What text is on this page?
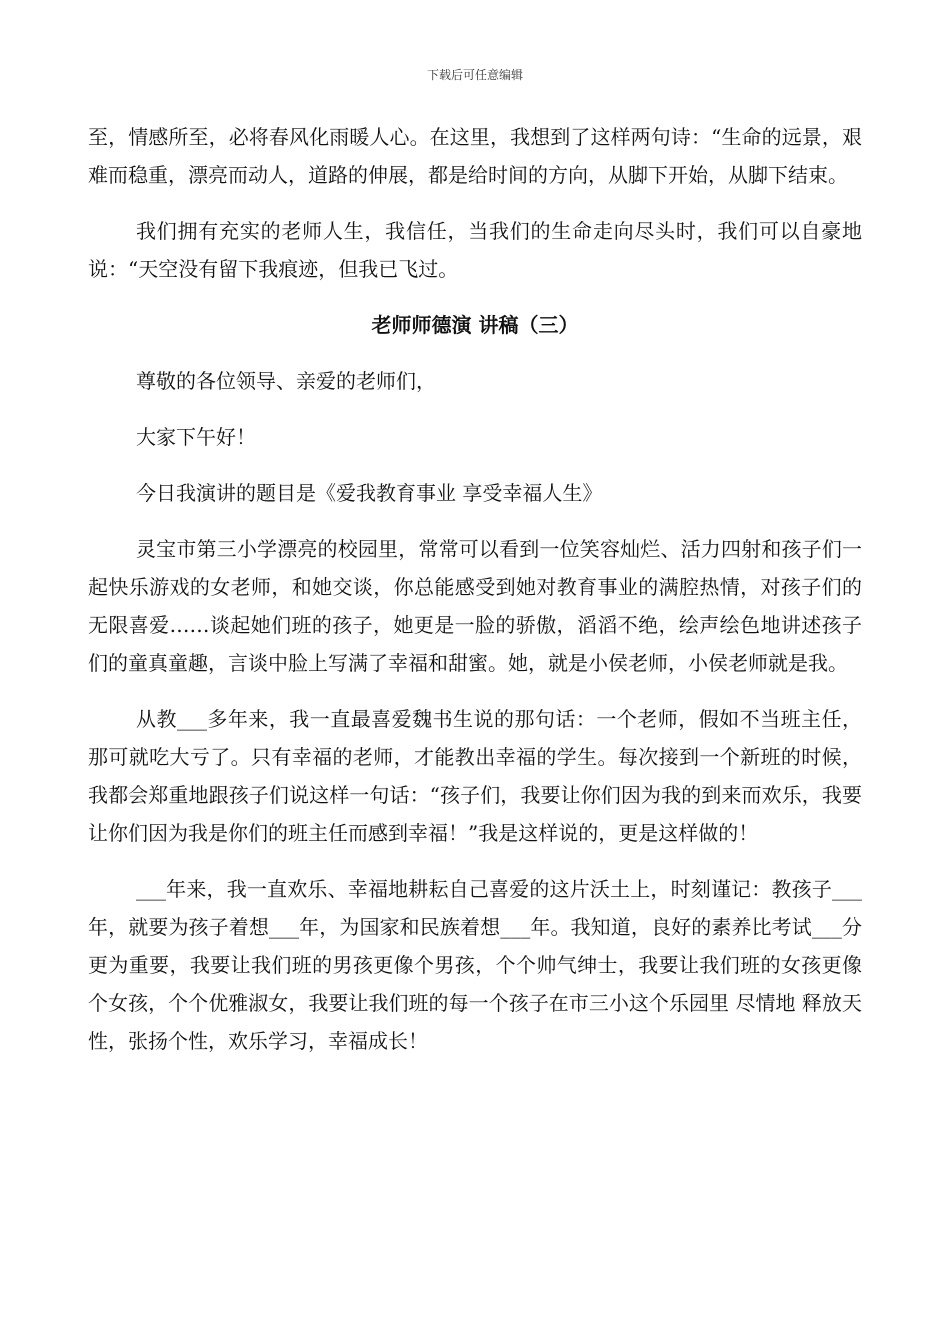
下载后可任意编辑

至，情感所至，必将春风化雨暖人心。在这里，我想到了这样两句诗：“生命的远景，艰难而稳重，漂亮而动人，道路的伸展，都是给时间的方向，从脚下开始，从脚下结束。

我们拥有充实的老师人生，我信任，当我们的生命走向尽头时，我们可以自豪地说：“天空没有留下我痕迹，但我已飞过。

老师师德演 讲稿（三）

尊敬的各位领导、亲爱的老师们，

大家下午好！

今日我演讲的题目是《爱我教育事业 享受幸福人生》

灵宝市第三小学漂亮的校园里，常常可以看到一位笑容灿烂、活力四射和孩子们一起快乐游戏的女老师，和她交谈，你总能感受到她对教育事业的满腔热情，对孩子们的无限喜爱……谈起她们班的孩子，她更是一脸的骄傲，滔滔不绝，绘声绘色地讲述孩子们的童真童趣，言谈中脸上写满了幸福和甜蜜。她，就是小侯老师，小侯老师就是我。

从教___多年来，我一直最喜爱魏书生说的那句话：一个老师，假如不当班主任，那可就吃大亏了。只有幸福的老师，才能教出幸福的学生。每次接到一个新班的时候，我都会郑重地跟孩子们说这样一句话：“孩子们，我要让你们因为我的到来而欢乐，我要让你们因为我是你们的班主任而感到幸福！”我是这样说的，更是这样做的！

___年来，我一直欢乐、幸福地耕耘自己喜爱的这片沃土上，时刻谨记：教孩子___年，就要为孩子着想___年，为国家和民族着想___年。我知道，良好的素养比考试___分更为重要，我要让我们班的男孩更像个男孩，个个帅气绅士，我要让我们班的女孩更像个女孩，个个优雅淑女，我要让我们班的每一个孩子在市三小这个乐园里 尽情地 释放天性，张扬个性，欢乐学习，幸福成长！
